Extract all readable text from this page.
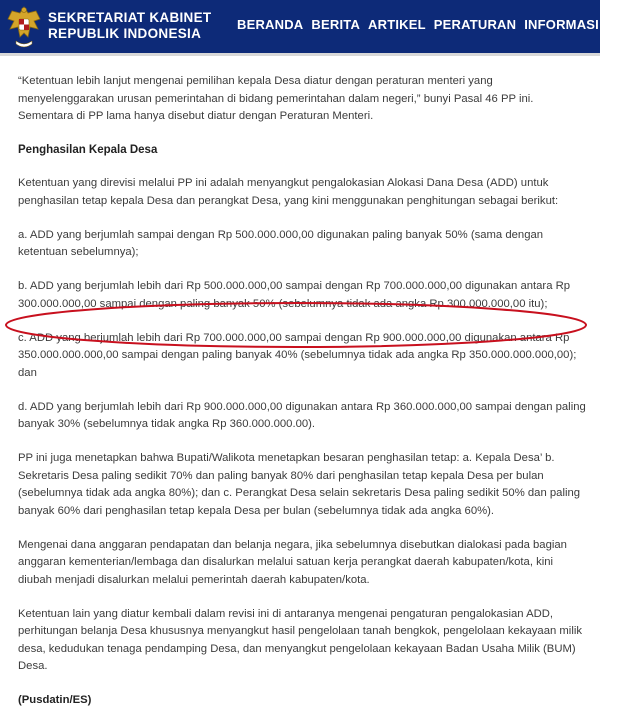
SEKRETARIAT KABINET
REPUBLIK INDONESIA
BERANDA BERITA ARTIKEL PERATURAN INFORMASI GA

“Ketentuan lebih lanjut mengenai pemilihan kepala Desa diatur dengan peraturan menteri yang menyelenggarakan urusan pemerintahan di bidang pemerintahan dalam negeri,” bunyi Pasal 46 PP ini. Sementara di PP lama hanya disebut diatur dengan Peraturan Menteri.

Penghasilan Kepala Desa

Ketentuan yang direvisi melalui PP ini adalah menyangkut pengalokasian Alokasi Dana Desa (ADD) untuk penghasilan tetap kepala Desa dan perangkat Desa, yang kini menggunakan penghitungan sebagai berikut:

a. ADD yang berjumlah sampai dengan Rp 500.000.000,00 digunakan paling banyak 50% (sama dengan ketentuan sebelumnya);

b. ADD yang berjumlah lebih dari Rp 500.000.000,00 sampai dengan Rp 700.000.000,00 digunakan antara Rp 300.000.000,00 sampai dengan paling banyak 50% (sebelumnya tidak ada angka Rp 300.000.000,00 itu);

c. ADD yang berjumlah lebih dari Rp 700.000.000,00 sampai dengan Rp 900.000.000,00 digunakan antara Rp 350.000.000.000,00 sampai dengan paling banyak 40% (sebelumnya tidak ada angka Rp 350.000.000.000,00); dan

d. ADD yang berjumlah lebih dari Rp 900.000.000,00 digunakan antara Rp 360.000.000,00 sampai dengan paling banyak 30% (sebelumnya tidak angka Rp 360.000.000.00).

PP ini juga menetapkan bahwa Bupati/Walikota menetapkan besaran penghasilan tetap: a. Kepala Desa’ b. Sekretaris Desa paling sedikit 70% dan paling banyak 80% dari penghasilan tetap kepala Desa per bulan (sebelumnya tidak ada angka 80%); dan c. Perangkat Desa selain sekretaris Desa paling sedikit 50% dan paling banyak 60% dari penghasilan tetap kepala Desa per bulan (sebelumnya tidak ada angka 60%).

Mengenai dana anggaran pendapatan dan belanja negara, jika sebelumnya disebutkan dialokasi pada bagian anggaran kementerian/lembaga dan disalurkan melalui satuan kerja perangkat daerah kabupaten/kota, kini diubah menjadi disalurkan melalui pemerintah daerah kabupaten/kota.

Ketentuan lain yang diatur kembali dalam revisi ini di antaranya mengenai pengaturan pengalokasian ADD, perhitungan belanja Desa khususnya menyangkut hasil pengelolaan tanah bengkok, pengelolaan kekayaan milik desa, kedudukan tenaga pendamping Desa, dan menyangkut pengelolaan kekayaan Badan Usaha Milik (BUM) Desa.

(Pusdatin/ES)
